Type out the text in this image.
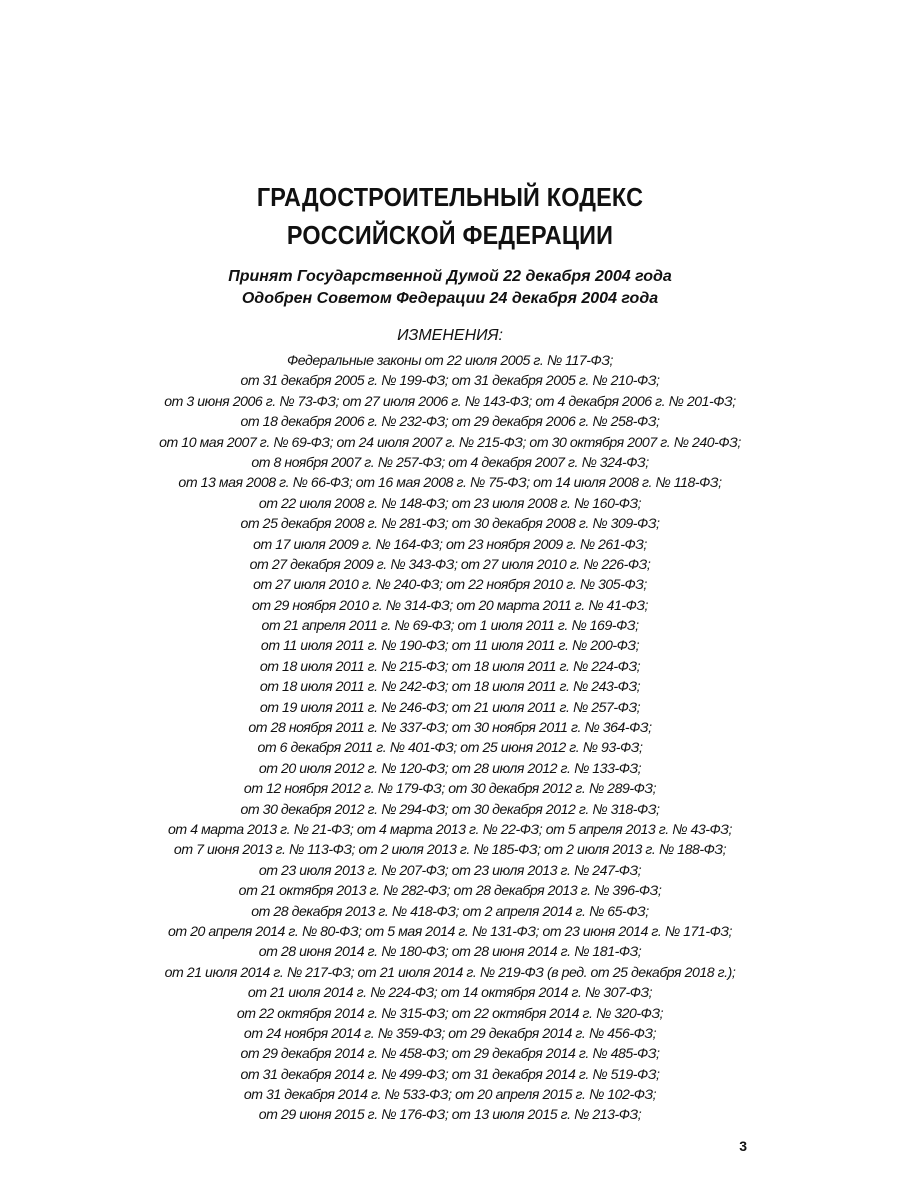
ГРАДОСТРОИТЕЛЬНЫЙ КОДЕКС
РОССИЙСКОЙ ФЕДЕРАЦИИ
Принят Государственной Думой 22 декабря 2004 года
Одобрен Советом Федерации 24 декабря 2004 года
ИЗМЕНЕНИЯ:
Федеральные законы от 22 июля 2005 г. № 117-ФЗ;
от 31 декабря 2005 г. № 199-ФЗ; от 31 декабря 2005 г. № 210-ФЗ;
от 3 июня 2006 г. № 73-ФЗ; от 27 июля 2006 г. № 143-ФЗ; от 4 декабря 2006 г. № 201-ФЗ;
от 18 декабря 2006 г. № 232-ФЗ; от 29 декабря 2006 г. № 258-ФЗ;
от 10 мая 2007 г. № 69-ФЗ; от 24 июля 2007 г. № 215-ФЗ; от 30 октября 2007 г. № 240-ФЗ;
от 8 ноября 2007 г. № 257-ФЗ; от 4 декабря 2007 г. № 324-ФЗ;
от 13 мая 2008 г. № 66-ФЗ; от 16 мая 2008 г. № 75-ФЗ; от 14 июля 2008 г. № 118-ФЗ;
от 22 июля 2008 г. № 148-ФЗ; от 23 июля 2008 г. № 160-ФЗ;
от 25 декабря 2008 г. № 281-ФЗ; от 30 декабря 2008 г. № 309-ФЗ;
от 17 июля 2009 г. № 164-ФЗ; от 23 ноября 2009 г. № 261-ФЗ;
от 27 декабря 2009 г. № 343-ФЗ; от 27 июля 2010 г. № 226-ФЗ;
от 27 июля 2010 г. № 240-ФЗ; от 22 ноября 2010 г. № 305-ФЗ;
от 29 ноября 2010 г. № 314-ФЗ; от 20 марта 2011 г. № 41-ФЗ;
от 21 апреля 2011 г. № 69-ФЗ; от 1 июля 2011 г. № 169-ФЗ;
от 11 июля 2011 г. № 190-ФЗ; от 11 июля 2011 г. № 200-ФЗ;
от 18 июля 2011 г. № 215-ФЗ; от 18 июля 2011 г. № 224-ФЗ;
от 18 июля 2011 г. № 242-ФЗ; от 18 июля 2011 г. № 243-ФЗ;
от 19 июля 2011 г. № 246-ФЗ; от 21 июля 2011 г. № 257-ФЗ;
от 28 ноября 2011 г. № 337-ФЗ; от 30 ноября 2011 г. № 364-ФЗ;
от 6 декабря 2011 г. № 401-ФЗ; от 25 июня 2012 г. № 93-ФЗ;
от 20 июля 2012 г. № 120-ФЗ; от 28 июля 2012 г. № 133-ФЗ;
от 12 ноября 2012 г. № 179-ФЗ; от 30 декабря 2012 г. № 289-ФЗ;
от 30 декабря 2012 г. № 294-ФЗ; от 30 декабря 2012 г. № 318-ФЗ;
от 4 марта 2013 г. № 21-ФЗ; от 4 марта 2013 г. № 22-ФЗ; от 5 апреля 2013 г. № 43-ФЗ;
от 7 июня 2013 г. № 113-ФЗ; от 2 июля 2013 г. № 185-ФЗ; от 2 июля 2013 г. № 188-ФЗ;
от 23 июля 2013 г. № 207-ФЗ; от 23 июля 2013 г. № 247-ФЗ;
от 21 октября 2013 г. № 282-ФЗ; от 28 декабря 2013 г. № 396-ФЗ;
от 28 декабря 2013 г. № 418-ФЗ; от 2 апреля 2014 г. № 65-ФЗ;
от 20 апреля 2014 г. № 80-ФЗ; от 5 мая 2014 г. № 131-ФЗ; от 23 июня 2014 г. № 171-ФЗ;
от 28 июня 2014 г. № 180-ФЗ; от 28 июня 2014 г. № 181-ФЗ;
от 21 июля 2014 г. № 217-ФЗ; от 21 июля 2014 г. № 219-ФЗ (в ред. от 25 декабря 2018 г.);
от 21 июля 2014 г. № 224-ФЗ; от 14 октября 2014 г. № 307-ФЗ;
от 22 октября 2014 г. № 315-ФЗ; от 22 октября 2014 г. № 320-ФЗ;
от 24 ноября 2014 г. № 359-ФЗ; от 29 декабря 2014 г. № 456-ФЗ;
от 29 декабря 2014 г. № 458-ФЗ; от 29 декабря 2014 г. № 485-ФЗ;
от 31 декабря 2014 г. № 499-ФЗ; от 31 декабря 2014 г. № 519-ФЗ;
от 31 декабря 2014 г. № 533-ФЗ; от 20 апреля 2015 г. № 102-ФЗ;
от 29 июня 2015 г. № 176-ФЗ; от 13 июля 2015 г. № 213-ФЗ;
3
